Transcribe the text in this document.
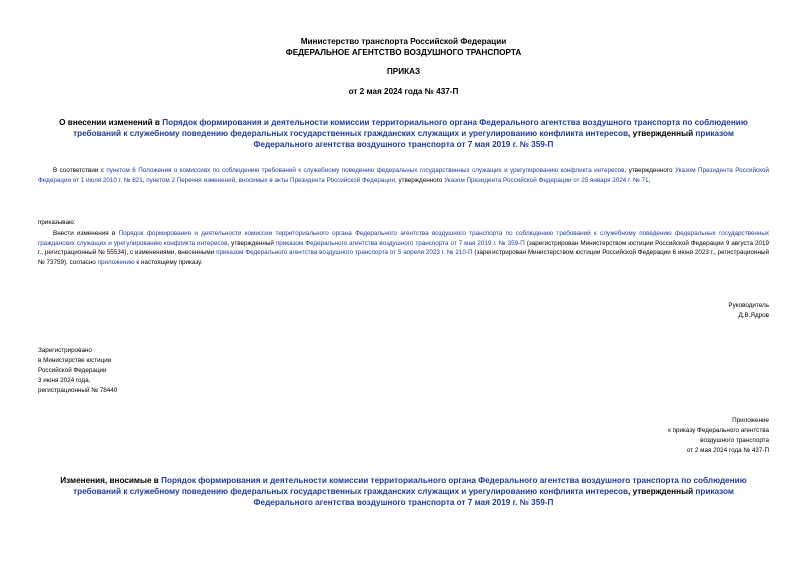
Министерство транспорта Российской Федерации
ФЕДЕРАЛЬНОЕ АГЕНТСТВО ВОЗДУШНОГО ТРАНСПОРТА
ПРИКАЗ
от 2 мая 2024 года № 437-П
О внесении изменений в Порядок формирования и деятельности комиссии территориального органа Федерального агентства воздушного транспорта по соблюдению требований к служебному поведению федеральных государственных гражданских служащих и урегулированию конфликта интересов, утвержденный приказом Федерального агентства воздушного транспорта от 7 мая 2019 г. № 359-П

В соответствии с пунктом 6 Положения о комиссиях по соблюдению требований к служебному поведению федеральных государственных служащих и урегулированию конфликта интересов, утвержденного Указом Президента Российской Федерации от 1 июля 2010 г. № 821, пунктом 2 Перечня изменений, вносимых в акты Президента Российской Федерации, утвержденного Указом Президента Российской Федерации от 25 января 2024 г. № 71,

приказываю:

Внести изменения в Порядок формирования и деятельности комиссии территориального органа Федерального агентства воздушного транспорта по соблюдению требований к служебному поведению федеральных государственных гражданских служащих и урегулированию конфликта интересов, утвержденный приказом Федерального агентства воздушного транспорта от 7 мая 2019 г. № 359-П (зарегистрирован Министерством юстиции Российской Федерации 9 августа 2019 г., регистрационный № 55534), с изменениями, внесенными приказом Федерального агентства воздушного транспорта от 5 апреля 2023 г. № 210-П (зарегистрирован Министерством юстиции Российской Федерации 6 июня 2023 г., регистрационный № 73759), согласно приложению к настоящему приказу.

Руководитель
Д.В.Ядров
Зарегистрировано
в Министерстве юстиции
Российской Федерации
3 июня 2024 года,
регистрационный № 78440
Приложение
к приказу Федерального агентства
воздушного транспорта
от 2 мая 2024 года № 437-П
Изменения, вносимые в Порядок формирования и деятельности комиссии территориального органа Федерального агентства воздушного транспорта по соблюдению требований к служебному поведению федеральных государственных гражданских служащих и урегулированию конфликта интересов, утвержденный приказом Федерального агентства воздушного транспорта от 7 мая 2019 г. № 359-П
